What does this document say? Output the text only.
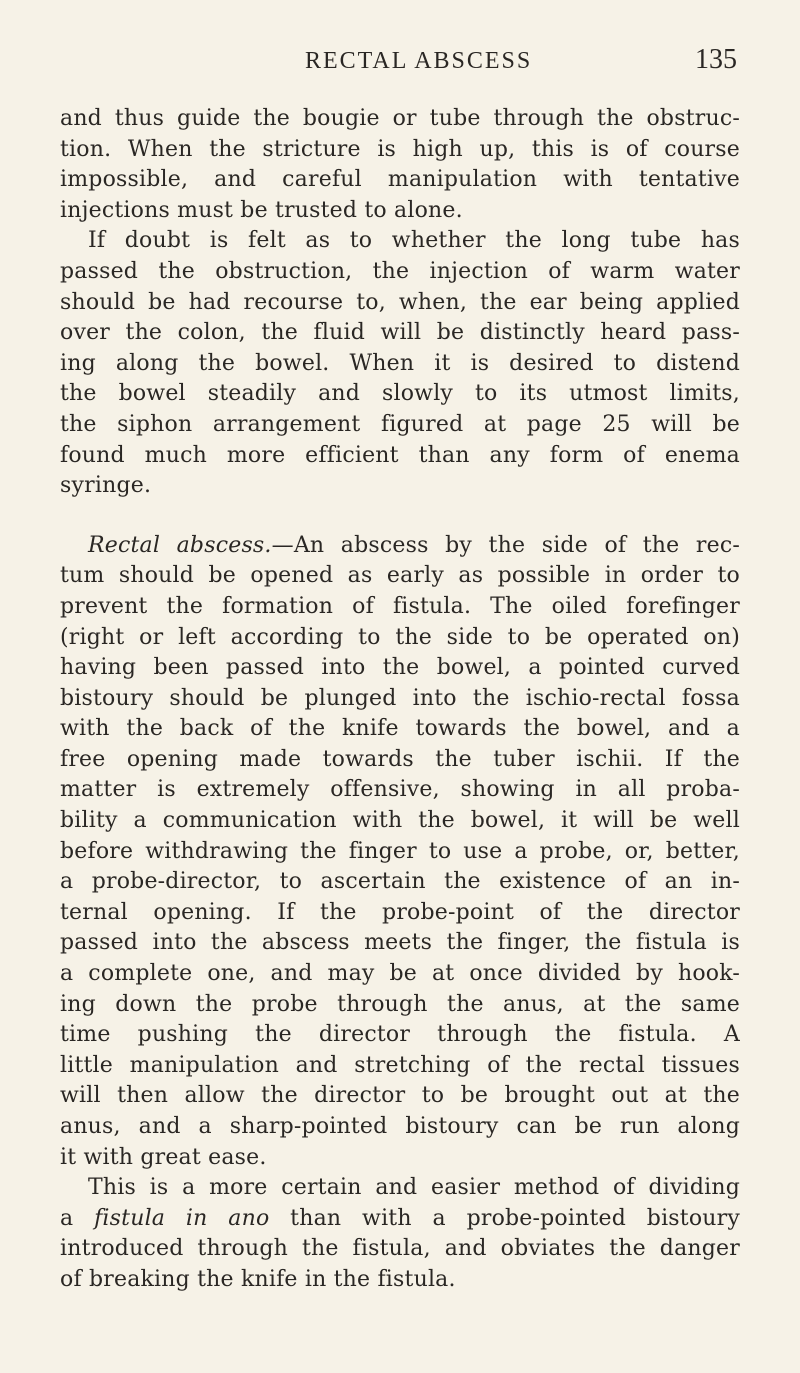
RECTAL ABSCESS	135
and thus guide the bougie or tube through the obstruc-
tion. When the stricture is high up, this is of course
impossible, and careful manipulation with tentative
injections must be trusted to alone.
If doubt is felt as to whether the long tube has
passed the obstruction, the injection of warm water
should be had recourse to, when, the ear being applied
over the colon, the fluid will be distinctly heard pass-
ing along the bowel. When it is desired to distend
the bowel steadily and slowly to its utmost limits,
the siphon arrangement figured at page 25 will be
found much more efficient than any form of enema
syringe.
Rectal abscess.—An abscess by the side of the rec-
tum should be opened as early as possible in order to
prevent the formation of fistula. The oiled forefinger
(right or left according to the side to be operated on)
having been passed into the bowel, a pointed curved
bistoury should be plunged into the ischio-rectal fossa
with the back of the knife towards the bowel, and a
free opening made towards the tuber ischii. If the
matter is extremely offensive, showing in all proba-
bility a communication with the bowel, it will be well
before withdrawing the finger to use a probe, or, better,
a probe-director, to ascertain the existence of an in-
ternal opening. If the probe-point of the director
passed into the abscess meets the finger, the fistula is
a complete one, and may be at once divided by hook-
ing down the probe through the anus, at the same
time pushing the director through the fistula. A
little manipulation and stretching of the rectal tissues
will then allow the director to be brought out at the
anus, and a sharp-pointed bistoury can be run along
it with great ease.
This is a more certain and easier method of dividing
a fistula in ano than with a probe-pointed bistoury
introduced through the fistula, and obviates the danger
of breaking the knife in the fistula.
